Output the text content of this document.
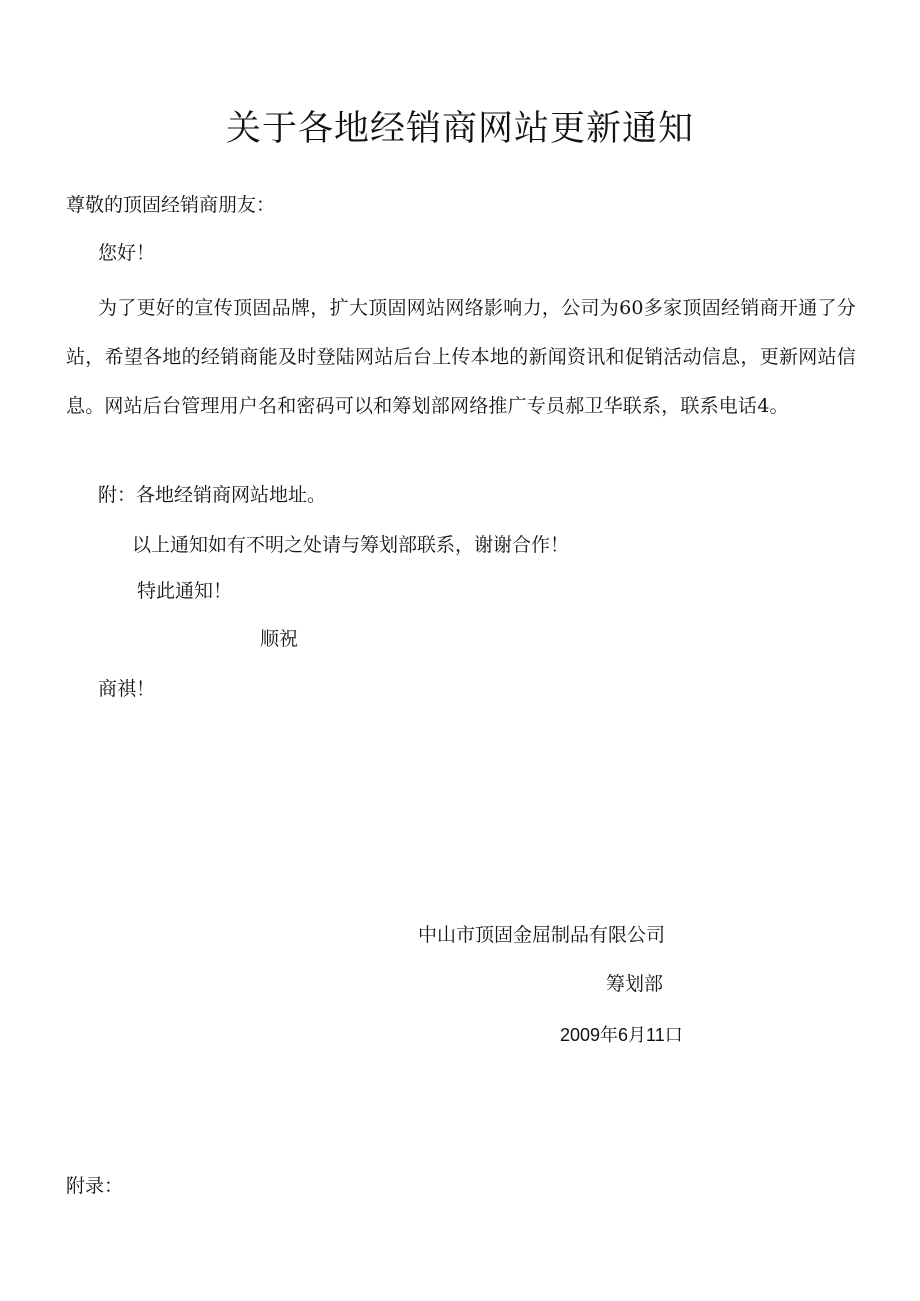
关于各地经销商网站更新通知
尊敬的顶固经销商朋友：
您好！
为了更好的宣传顶固品牌，扩大顶固网站网络影响力，公司为60多家顶固经销商开通了分站，希望各地的经销商能及时登陆网站后台上传本地的新闻资讯和促销活动信息，更新网站信息。网站后台管理用户名和密码可以和筹划部网络推广专员郝卫华联系，联系电话4。
附：各地经销商网站地址。
以上通知如有不明之处请与筹划部联系，谢谢合作！
特此通知！
顺祝
商祺！
中山市顶固金屈制品有限公司
筹划部
2009年6月11口
附录：
